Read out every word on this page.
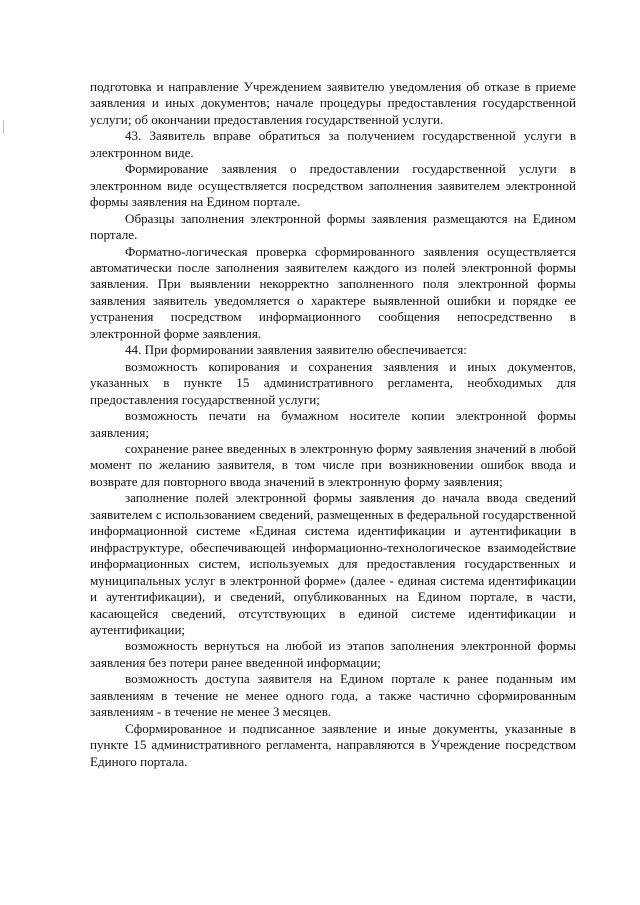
подготовка и направление Учреждением заявителю уведомления об отказе в приеме заявления и иных документов; начале процедуры предоставления государственной услуги; об окончании предоставления государственной услуги.

43. Заявитель вправе обратиться за получением государственной услуги в электронном виде.

Формирование заявления о предоставлении государственной услуги в электронном виде осуществляется посредством заполнения заявителем электронной формы заявления на Едином портале.

Образцы заполнения электронной формы заявления размещаются на Едином портале.

Форматно-логическая проверка сформированного заявления осуществляется автоматически после заполнения заявителем каждого из полей электронной формы заявления. При выявлении некорректно заполненного поля электронной формы заявления заявитель уведомляется о характере выявленной ошибки и порядке ее устранения посредством информационного сообщения непосредственно в электронной форме заявления.

44. При формировании заявления заявителю обеспечивается:

возможность копирования и сохранения заявления и иных документов, указанных в пункте 15 административного регламента, необходимых для предоставления государственной услуги;

возможность печати на бумажном носителе копии электронной формы заявления;

сохранение ранее введенных в электронную форму заявления значений в любой момент по желанию заявителя, в том числе при возникновении ошибок ввода и возврате для повторного ввода значений в электронную форму заявления;

заполнение полей электронной формы заявления до начала ввода сведений заявителем с использованием сведений, размещенных в федеральной государственной информационной системе «Единая система идентификации и аутентификации в инфраструктуре, обеспечивающей информационно-технологическое взаимодействие информационных систем, используемых для предоставления государственных и муниципальных услуг в электронной форме» (далее - единая система идентификации и аутентификации), и сведений, опубликованных на Едином портале, в части, касающейся сведений, отсутствующих в единой системе идентификации и аутентификации;

возможность вернуться на любой из этапов заполнения электронной формы заявления без потери ранее введенной информации;

возможность доступа заявителя на Едином портале к ранее поданным им заявлениям в течение не менее одного года, а также частично сформированным заявлениям - в течение не менее 3 месяцев.

Сформированное и подписанное заявление и иные документы, указанные в пункте 15 административного регламента, направляются в Учреждение посредством Единого портала.
